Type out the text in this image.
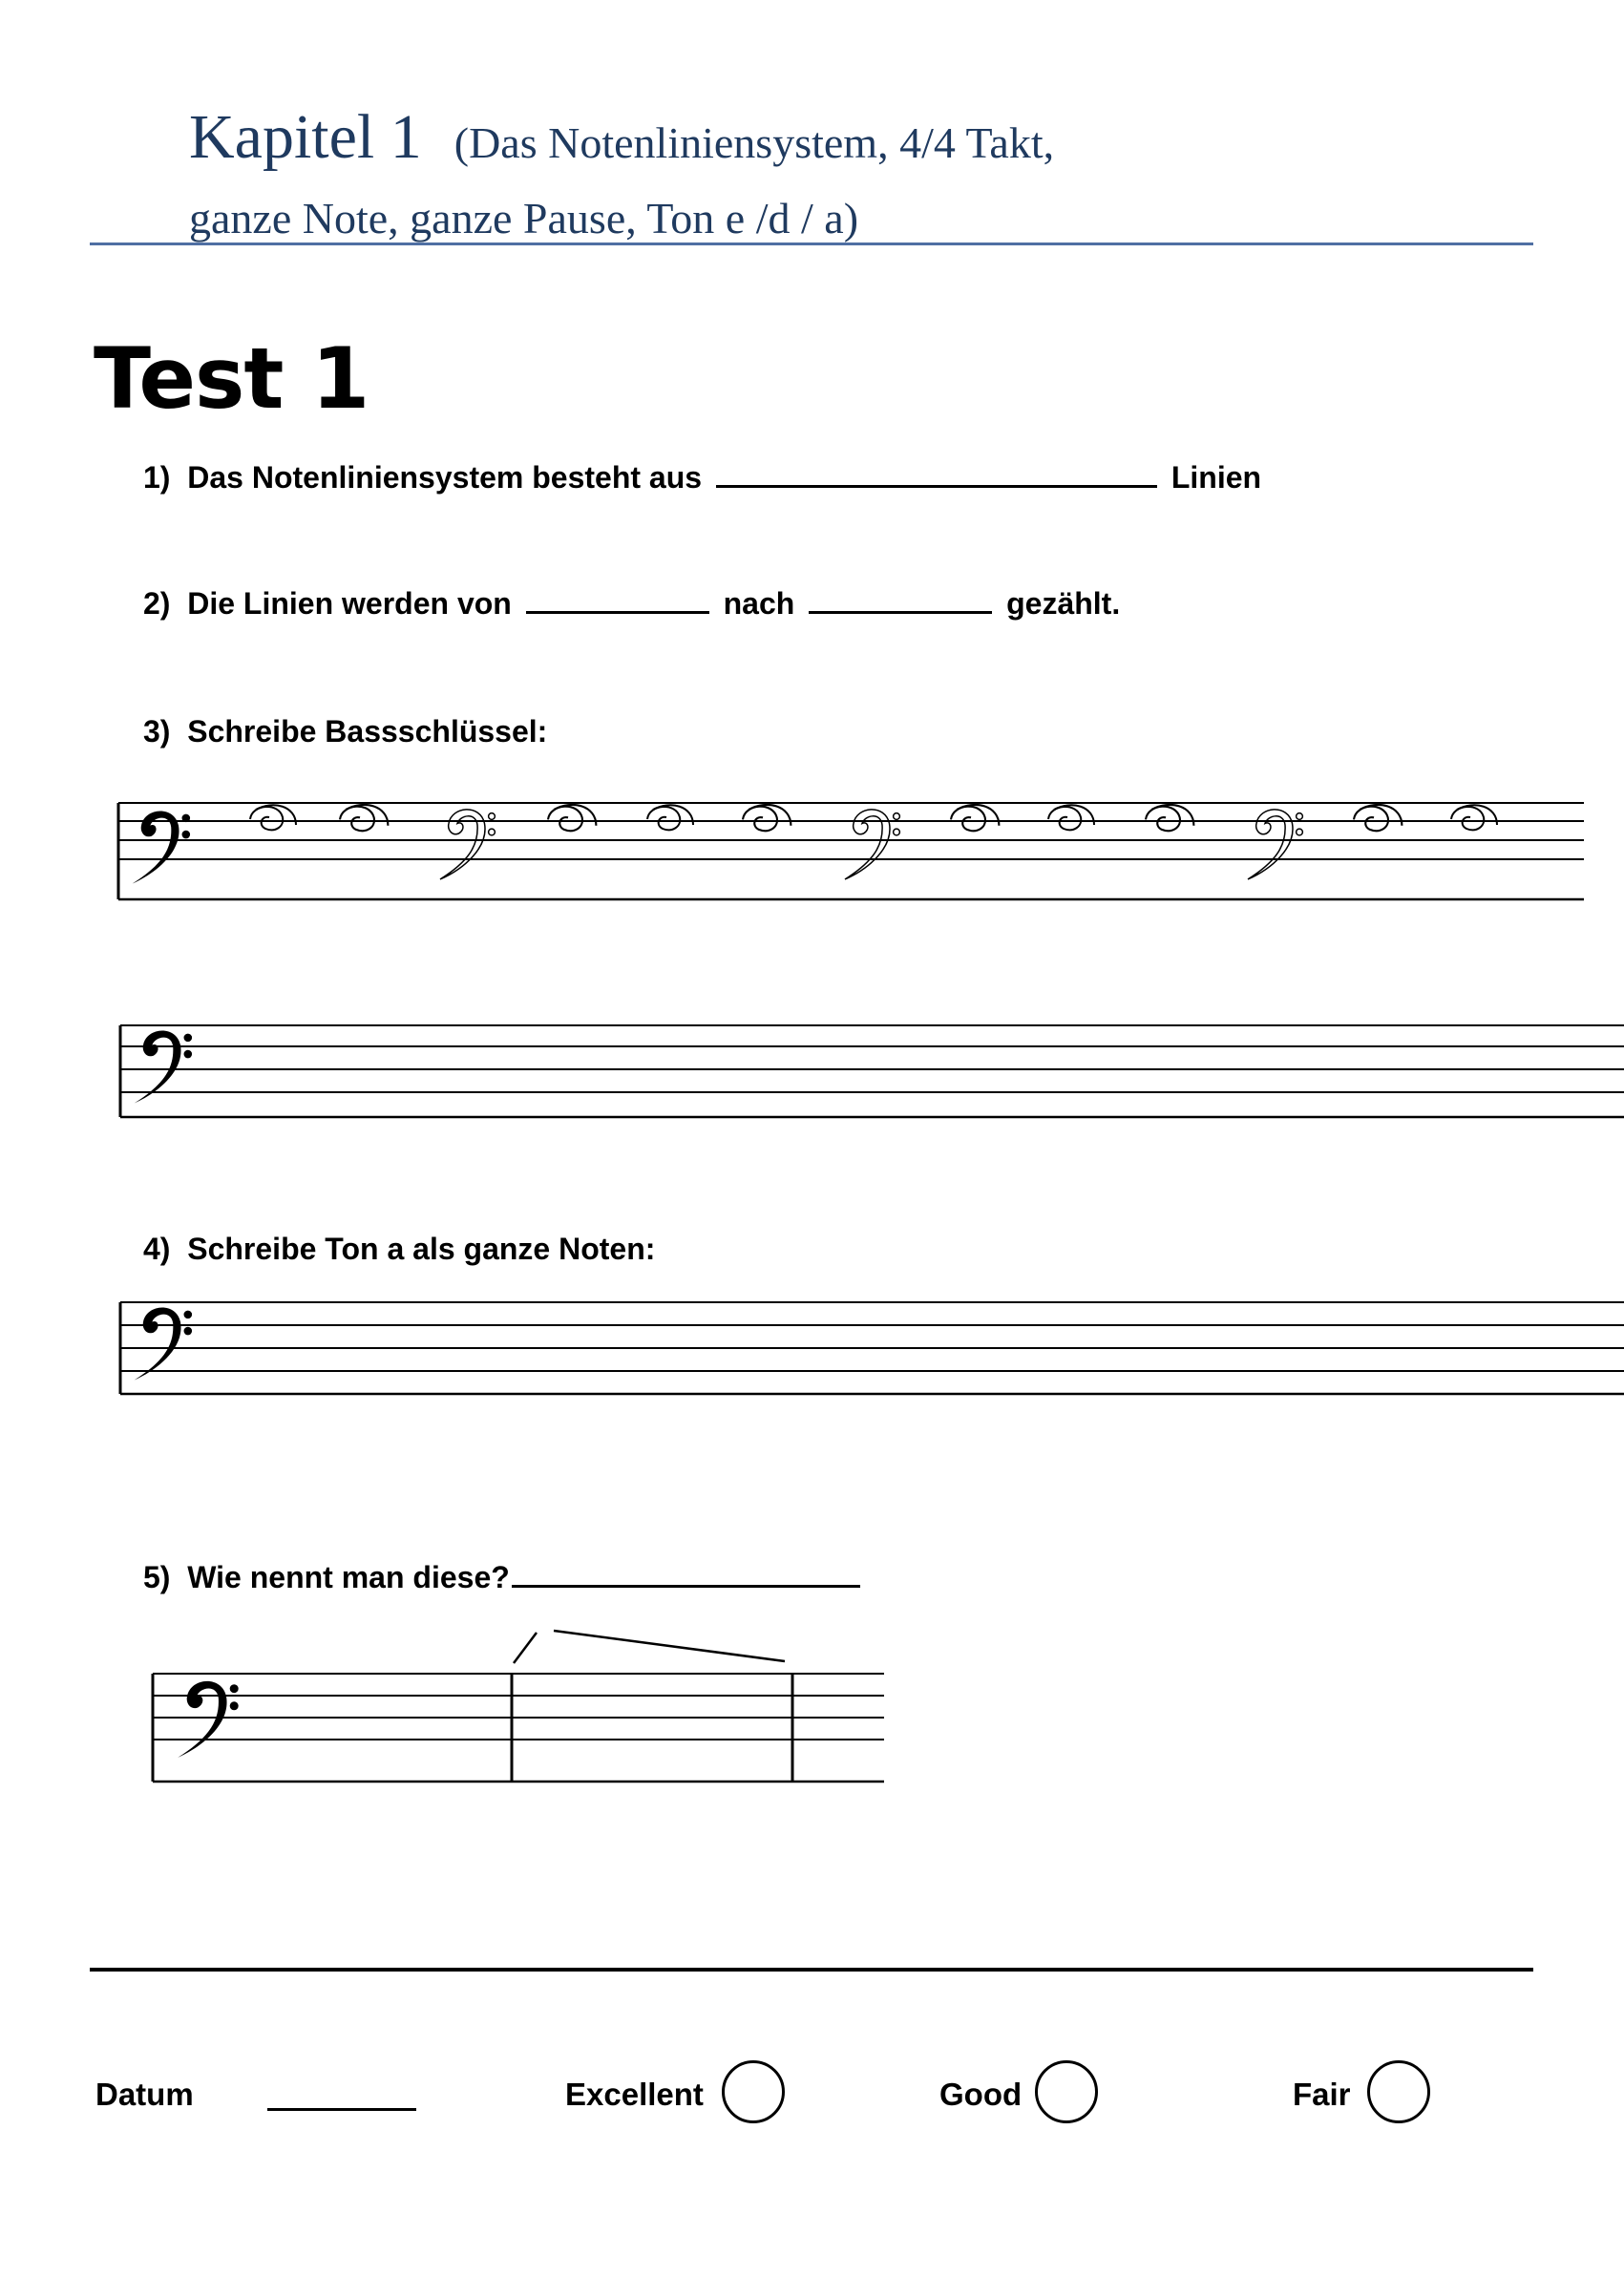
Kapitel 1 (Das Notenliniensystem, 4/4 Takt,
ganze Note, ganze Pause, Ton e /d / a)
Test 1
1) Das Notenliniensystem besteht aus	Linien
2) Die Linien werden von	nach	gezählt.
3) Schreibe Bassschlüssel:
4) Schreibe Ton a als ganze Noten:
5) Wie nennt man diese?
Datum	Excellent	Good	Fair
